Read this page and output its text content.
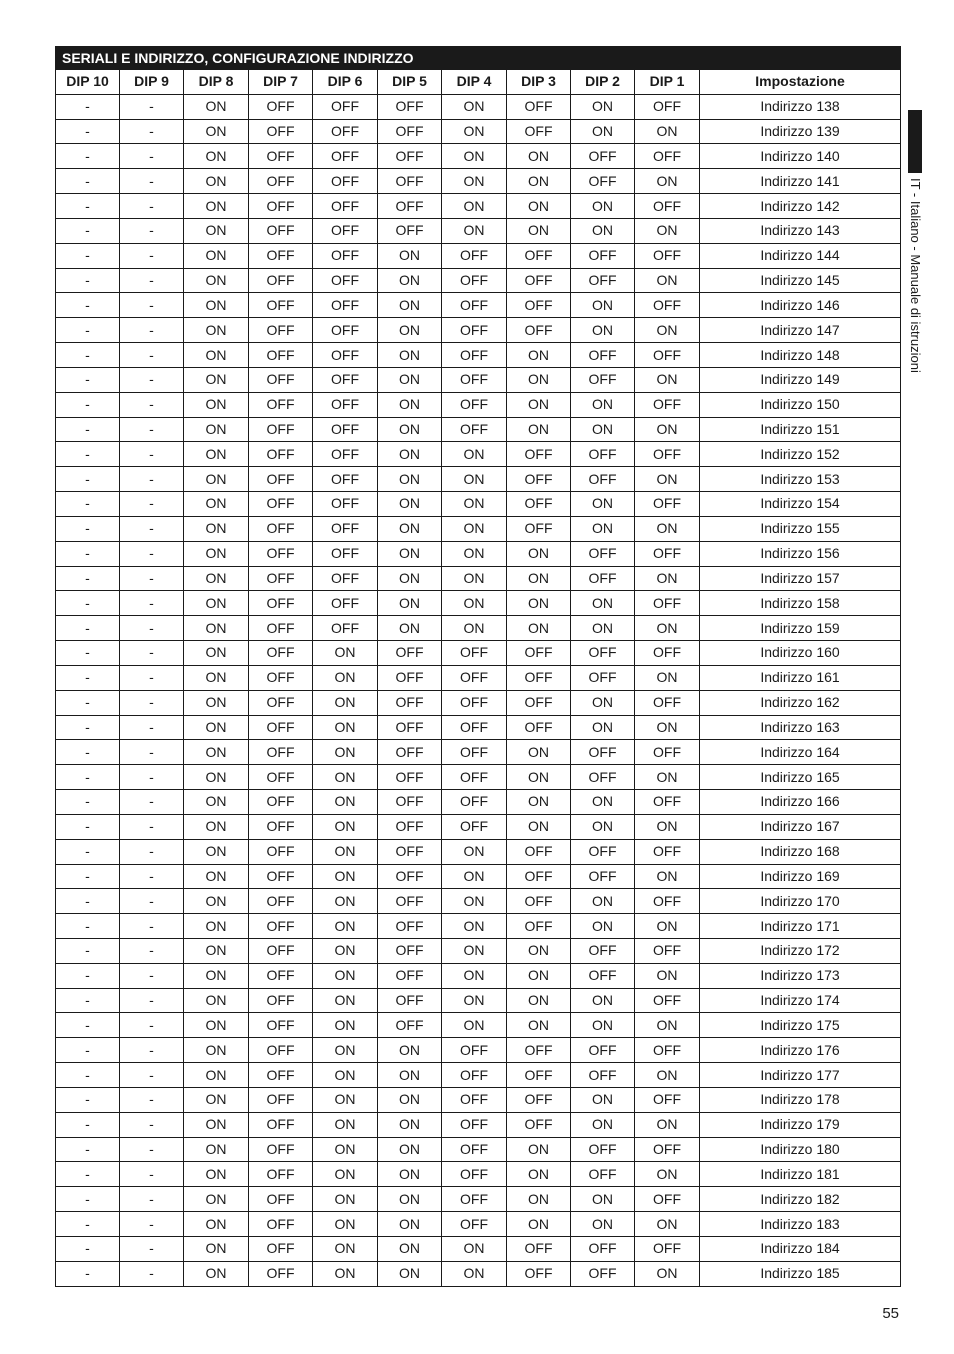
SERIALI E INDIRIZZO, CONFIGURAZIONE INDIRIZZO										
DIP 10	DIP 9	DIP 8	DIP 7	DIP 6	DIP 5	DIP 4	DIP 3	DIP 2	DIP 1	Impostazione
-	-	ON	OFF	OFF	OFF	ON	OFF	ON	OFF	Indirizzo 138
-	-	ON	OFF	OFF	OFF	ON	OFF	ON	ON	Indirizzo 139
-	-	ON	OFF	OFF	OFF	ON	ON	OFF	OFF	Indirizzo 140
-	-	ON	OFF	OFF	OFF	ON	ON	OFF	ON	Indirizzo 141
-	-	ON	OFF	OFF	OFF	ON	ON	ON	OFF	Indirizzo 142
-	-	ON	OFF	OFF	OFF	ON	ON	ON	ON	Indirizzo 143
-	-	ON	OFF	OFF	ON	OFF	OFF	OFF	OFF	Indirizzo 144
-	-	ON	OFF	OFF	ON	OFF	OFF	OFF	ON	Indirizzo 145
-	-	ON	OFF	OFF	ON	OFF	OFF	ON	OFF	Indirizzo 146
-	-	ON	OFF	OFF	ON	OFF	OFF	ON	ON	Indirizzo 147
-	-	ON	OFF	OFF	ON	OFF	ON	OFF	OFF	Indirizzo 148
-	-	ON	OFF	OFF	ON	OFF	ON	OFF	ON	Indirizzo 149
-	-	ON	OFF	OFF	ON	OFF	ON	ON	OFF	Indirizzo 150
-	-	ON	OFF	OFF	ON	OFF	ON	ON	ON	Indirizzo 151
-	-	ON	OFF	OFF	ON	ON	OFF	OFF	OFF	Indirizzo 152
-	-	ON	OFF	OFF	ON	ON	OFF	OFF	ON	Indirizzo 153
-	-	ON	OFF	OFF	ON	ON	OFF	ON	OFF	Indirizzo 154
-	-	ON	OFF	OFF	ON	ON	OFF	ON	ON	Indirizzo 155
-	-	ON	OFF	OFF	ON	ON	ON	OFF	OFF	Indirizzo 156
-	-	ON	OFF	OFF	ON	ON	ON	OFF	ON	Indirizzo 157
-	-	ON	OFF	OFF	ON	ON	ON	ON	OFF	Indirizzo 158
-	-	ON	OFF	OFF	ON	ON	ON	ON	ON	Indirizzo 159
-	-	ON	OFF	ON	OFF	OFF	OFF	OFF	OFF	Indirizzo 160
-	-	ON	OFF	ON	OFF	OFF	OFF	OFF	ON	Indirizzo 161
-	-	ON	OFF	ON	OFF	OFF	OFF	ON	OFF	Indirizzo 162
-	-	ON	OFF	ON	OFF	OFF	OFF	ON	ON	Indirizzo 163
-	-	ON	OFF	ON	OFF	OFF	ON	OFF	OFF	Indirizzo 164
-	-	ON	OFF	ON	OFF	OFF	ON	OFF	ON	Indirizzo 165
-	-	ON	OFF	ON	OFF	OFF	ON	ON	OFF	Indirizzo 166
-	-	ON	OFF	ON	OFF	OFF	ON	ON	ON	Indirizzo 167
-	-	ON	OFF	ON	OFF	ON	OFF	OFF	OFF	Indirizzo 168
-	-	ON	OFF	ON	OFF	ON	OFF	OFF	ON	Indirizzo 169
-	-	ON	OFF	ON	OFF	ON	OFF	ON	OFF	Indirizzo 170
-	-	ON	OFF	ON	OFF	ON	OFF	ON	ON	Indirizzo 171
-	-	ON	OFF	ON	OFF	ON	ON	OFF	OFF	Indirizzo 172
-	-	ON	OFF	ON	OFF	ON	ON	OFF	ON	Indirizzo 173
-	-	ON	OFF	ON	OFF	ON	ON	ON	OFF	Indirizzo 174
-	-	ON	OFF	ON	OFF	ON	ON	ON	ON	Indirizzo 175
-	-	ON	OFF	ON	ON	OFF	OFF	OFF	OFF	Indirizzo 176
-	-	ON	OFF	ON	ON	OFF	OFF	OFF	ON	Indirizzo 177
-	-	ON	OFF	ON	ON	OFF	OFF	ON	OFF	Indirizzo 178
-	-	ON	OFF	ON	ON	OFF	OFF	ON	ON	Indirizzo 179
-	-	ON	OFF	ON	ON	OFF	ON	OFF	OFF	Indirizzo 180
-	-	ON	OFF	ON	ON	OFF	ON	OFF	ON	Indirizzo 181
-	-	ON	OFF	ON	ON	OFF	ON	ON	OFF	Indirizzo 182
-	-	ON	OFF	ON	ON	OFF	ON	ON	ON	Indirizzo 183
-	-	ON	OFF	ON	ON	ON	OFF	OFF	OFF	Indirizzo 184
-	-	ON	OFF	ON	ON	ON	OFF	OFF	ON	Indirizzo 185
IT - Italiano - Manuale di istruzioni
55
